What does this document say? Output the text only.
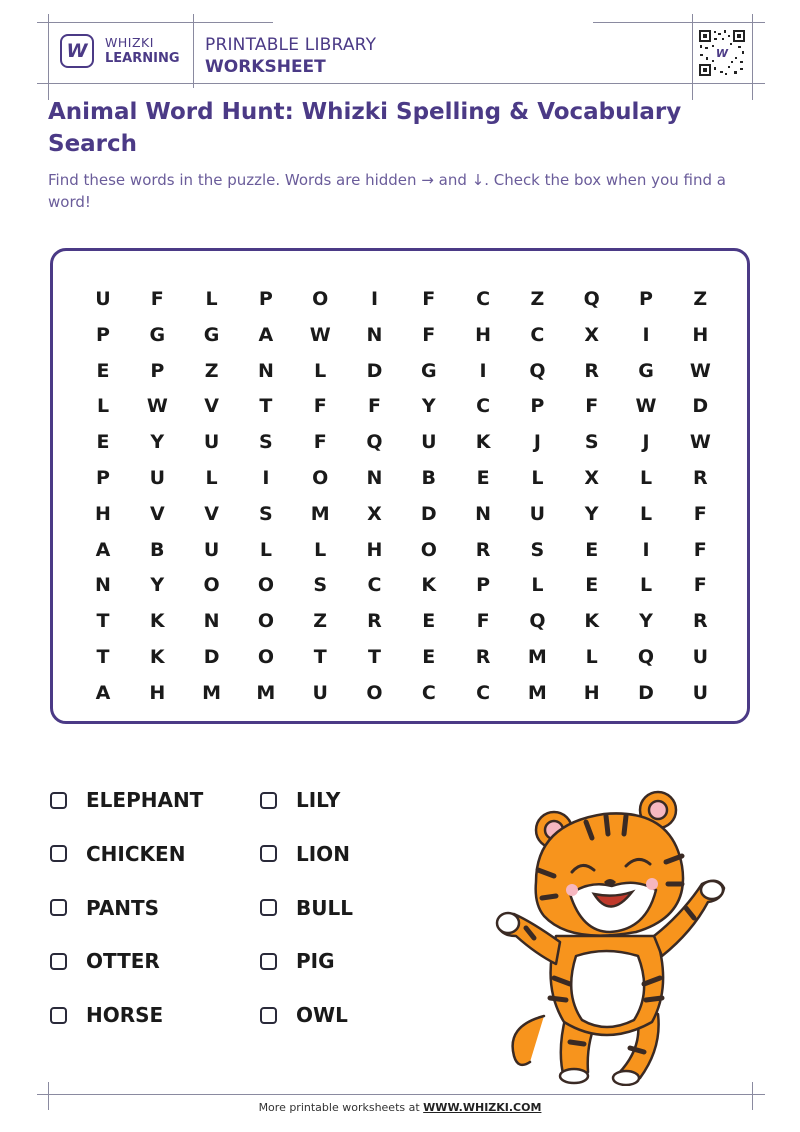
W WHIZKI
LEARNING
PRINTABLE LIBRARY
WORKSHEET
W
Animal Word Hunt: Whizki Spelling & Vocabulary Search

Find these words in the puzzle. Words are hidden → and ↓. Check the box when you find a word!

U	F	L	P	O	I	F	C	Z	Q	P	Z
P	G	G	A	W	N	F	H	C	X	I	H
E	P	Z	N	L	D	G	I	Q	R	G	W
L	W	V	T	F	F	Y	C	P	F	W	D
E	Y	U	S	F	Q	U	K	J	S	J	W
P	U	L	I	O	N	B	E	L	X	L	R
H	V	V	S	M	X	D	N	U	Y	L	F
A	B	U	L	L	H	O	R	S	E	I	F
N	Y	O	O	S	C	K	P	L	E	L	F
T	K	N	O	Z	R	E	F	Q	K	Y	R
T	K	D	O	T	T	E	R	M	L	Q	U
A	H	M M	U	O	C	C	M	H	D	U
ELEPHANT
CHICKEN
PANTS
OTTER
HORSE
LILY
LION
BULL
PIG
OWL
More printable worksheets at WWW.WHIZKI.COM
